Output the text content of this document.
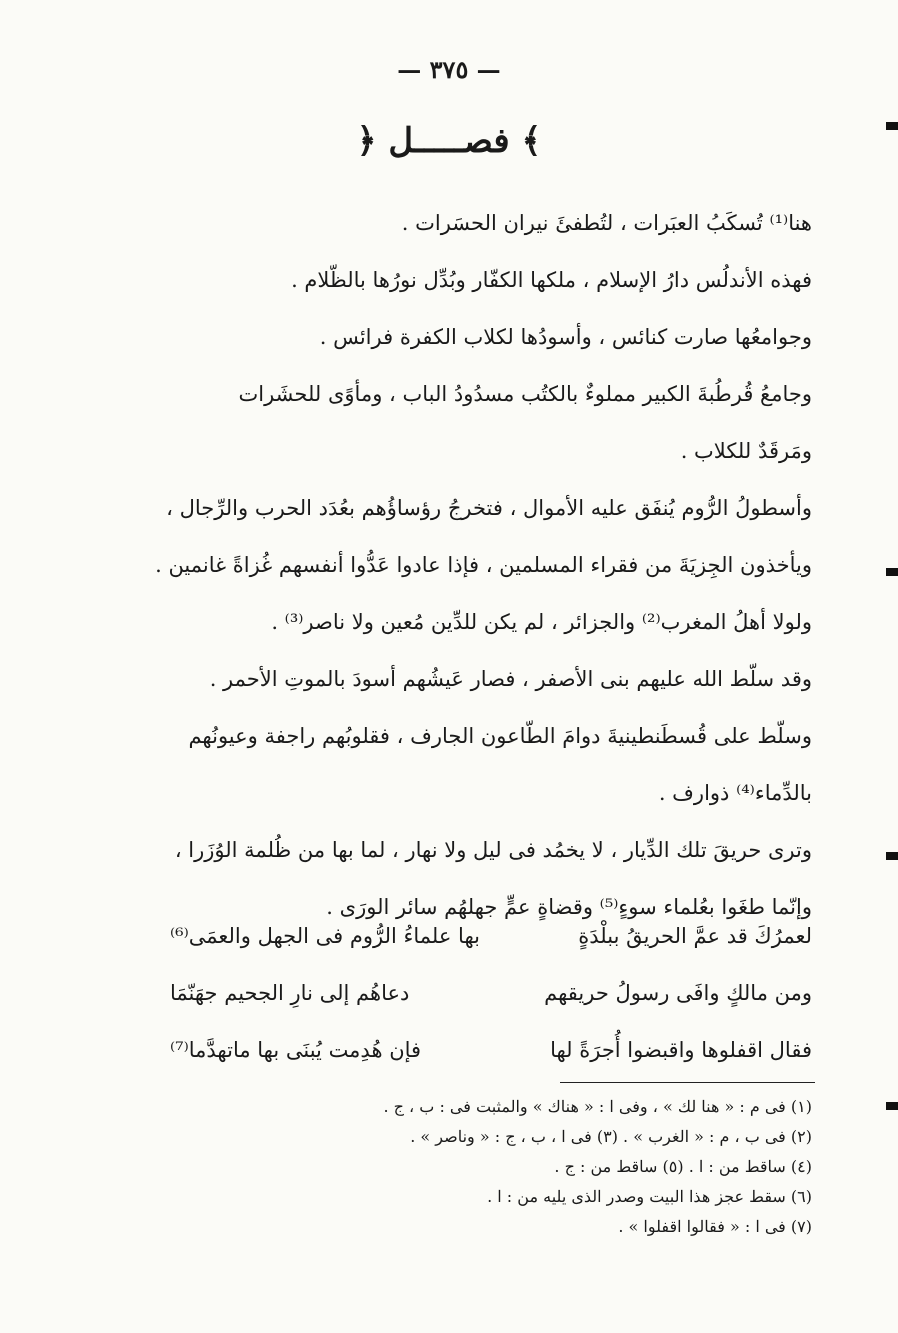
— ٣٧٥ —
﴿ فصـــــل ﴾
هنا⁽¹⁾ تُسكَبُ العبَرات ، لتُطفئَ نيران الحسَرات .
فهذه الأندلُس دارُ الإسلام ، ملكها الكفّار وبُدِّل نورُها بالظّلام .
وجوامعُها صارت كنائس ، وأسودُها لكلاب الكفرة فرائس .
وجامعُ قُرطُبةَ الكبير مملوءٌ بالكتُب مسدُودُ الباب ، ومأوًى للحشَرات
ومَرقَدٌ للكلاب .
وأسطولُ الرُّوم يُنفَق عليه الأموال ، فتخرجُ رؤساؤُهم بعُدَد الحرب والرِّجال ،
ويأخذون الجِزيَةَ من فقراء المسلمين ، فإذا عادوا عَدُّوا أنفسهم غُزاةً غانمين .
ولولا أهلُ المغرب⁽²⁾ والجزائر ، لم يكن للدِّين مُعين ولا ناصر⁽³⁾ .
وقد سلّط الله عليهم بنى الأصفر ، فصار عَيشُهم أسودَ بالموتِ الأحمر .
وسلّط على قُسطَنطينيةَ دوامَ الطّاعون الجارف ، فقلوبُهم راجفة وعيونُهم
بالدِّماء⁽⁴⁾ ذوارف .
وترى حريقَ تلك الدِّيار ، لا يخمُد فى ليل ولا نهار ، لما بها من ظُلمة الوُزَرا ،
وإنّما طغَوا بعُلماء سوءٍ⁽⁵⁾ وقضاةٍ عمٍّ جهلهُم سائر الورَى .
لعمرُكَ قد عمَّ الحريقُ ببلْدَةٍ
بها علماءُ الرُّوم فى الجهل والعمَى⁽⁶⁾
ومن مالكٍ وافَى رسولُ حريقهم
دعاهُم إلى نارِ الجحيم جهَنّمَا
فقال اقفلوها واقبضوا أُجرَةً لها
فإن هُدِمت يُبنَى بها ماتهدَّما⁽⁷⁾
(١) فى م : « هنا لك » ، وفى ا : « هناك » والمثبت فى : ب ، ج .
(٢) فى ب ، م : « الغرب » . (٣) فى ا ، ب ، ج : « وناصر » .
(٤) ساقط من : ا . (٥) ساقط من : ج .
(٦) سقط عجز هذا البيت وصدر الذى يليه من : ا .
(٧) فى ا : « فقالوا اقفلوا » .
